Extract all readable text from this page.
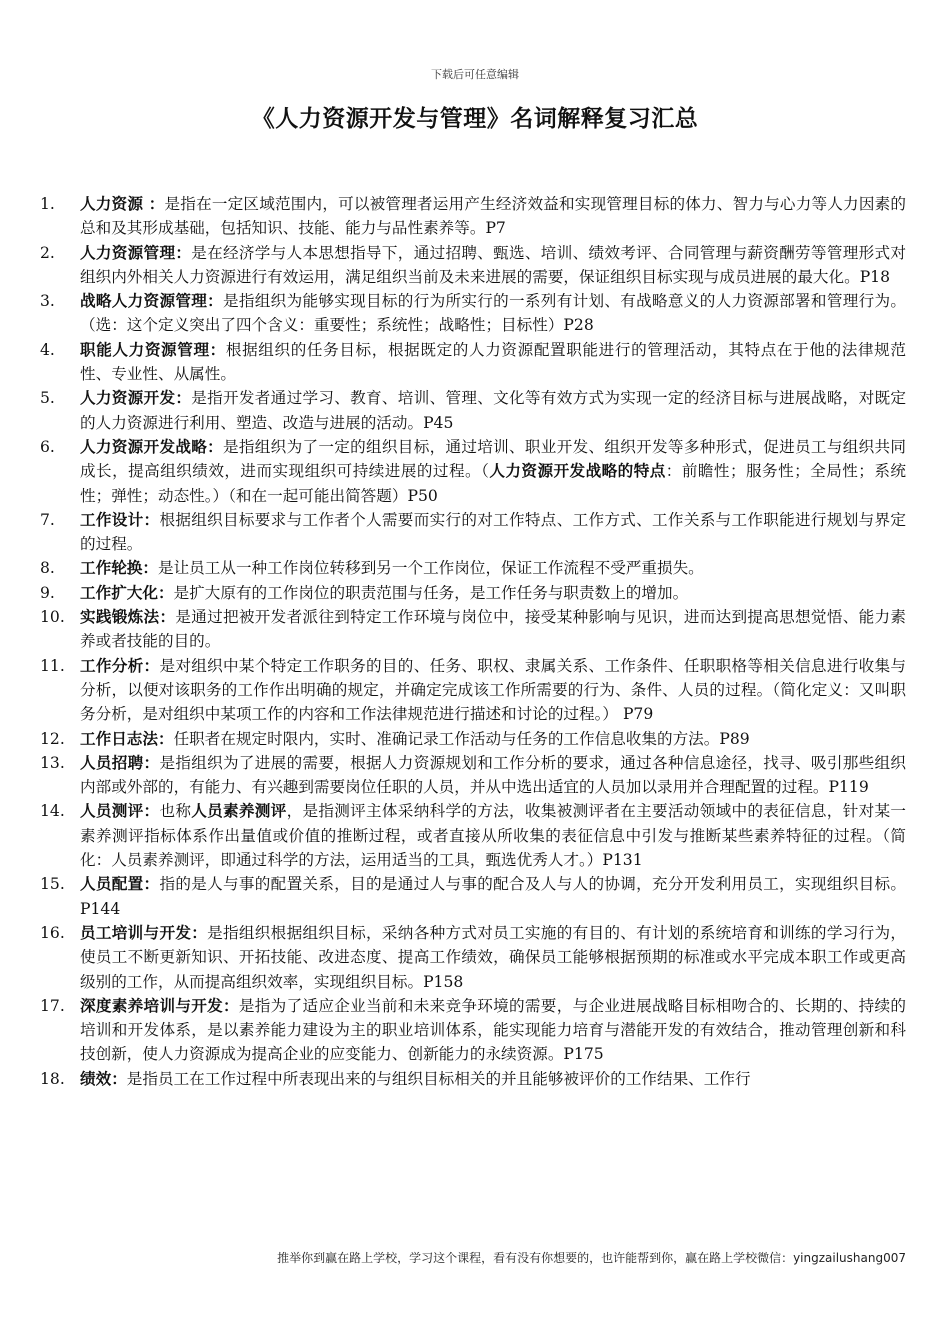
下载后可任意编辑
《人力资源开发与管理》名词解释复习汇总
1.	人力资源 ：是指在一定区域范围内，可以被管理者运用产生经济效益和实现管理目标的体力、智力与心力等人力因素的总和及其形成基础，包括知识、技能、能力与品性素养等。P7
2.	人力资源管理：是在经济学与人本思想指导下，通过招聘、甄选、培训、绩效考评、合同管理与薪资酬劳等管理形式对组织内外相关人力资源进行有效运用，满足组织当前及未来进展的需要，保证组织目标实现与成员进展的最大化。P18
3.	战略人力资源管理：是指组织为能够实现目标的行为所实行的一系列有计划、有战略意义的人力资源部署和管理行为。（选：这个定义突出了四个含义：重要性；系统性；战略性；目标性）P28
4.	职能人力资源管理：根据组织的任务目标，根据既定的人力资源配置职能进行的管理活动，其特点在于他的法律规范性、专业性、从属性。
5.	人力资源开发：是指开发者通过学习、教育、培训、管理、文化等有效方式为实现一定的经济目标与进展战略，对既定的人力资源进行利用、塑造、改造与进展的活动。P45
6.	人力资源开发战略：是指组织为了一定的组织目标，通过培训、职业开发、组织开发等多种形式，促进员工与组织共同成长，提高组织绩效，进而实现组织可持续进展的过程。（人力资源开发战略的特点：前瞻性；服务性；全局性；系统性；弹性；动态性。）（和在一起可能出简答题）P50
7.	工作设计：根据组织目标要求与工作者个人需要而实行的对工作特点、工作方式、工作关系与工作职能进行规划与界定的过程。
8.	工作轮换：是让员工从一种工作岗位转移到另一个工作岗位，保证工作流程不受严重损失。
9.	工作扩大化：是扩大原有的工作岗位的职责范围与任务，是工作任务与职责数上的增加。
10. 实践锻炼法：是通过把被开发者派往到特定工作环境与岗位中，接受某种影响与见识，进而达到提高思想觉悟、能力素养或者技能的目的。
11. 工作分析：是对组织中某个特定工作职务的目的、任务、职权、隶属关系、工作条件、任职职格等相关信息进行收集与分析，以便对该职务的工作作出明确的规定，并确定完成该工作所需要的行为、条件、人员的过程。（简化定义：又叫职务分析，是对组织中某项工作的内容和工作法律规范进行描述和讨论的过程。） P79
12. 工作日志法：任职者在规定时限内，实时、准确记录工作活动与任务的工作信息收集的方法。P89
13. 人员招聘：是指组织为了进展的需要，根据人力资源规划和工作分析的要求，通过各种信息途径，找寻、吸引那些组织内部或外部的，有能力、有兴趣到需要岗位任职的人员，并从中选出适宜的人员加以录用并合理配置的过程。P119
14. 人员测评：也称人员素养测评，是指测评主体采纳科学的方法，收集被测评者在主要活动领域中的表征信息，针对某一素养测评指标体系作出量值或价值的推断过程，或者直接从所收集的表征信息中引发与推断某些素养特征的过程。（简化：人员素养测评，即通过科学的方法，运用适当的工具，甄选优秀人才。）P131
15. 人员配置：指的是人与事的配置关系，目的是通过人与事的配合及人与人的协调，充分开发利用员工，实现组织目标。P144
16. 员工培训与开发：是指组织根据组织目标，采纳各种方式对员工实施的有目的、有计划的系统培育和训练的学习行为，使员工不断更新知识、开拓技能、改进态度、提高工作绩效，确保员工能够根据预期的标准或水平完成本职工作或更高级别的工作，从而提高组织效率，实现组织目标。P158
17. 深度素养培训与开发：是指为了适应企业当前和未来竞争环境的需要，与企业进展战略目标相吻合的、长期的、持续的培训和开发体系，是以素养能力建设为主的职业培训体系，能实现能力培育与潜能开发的有效结合，推动管理创新和科技创新，使人力资源成为提高企业的应变能力、创新能力的永续资源。P175
18. 绩效：是指员工在工作过程中所表现出来的与组织目标相关的并且能够被评价的工作结果、工作行
推举你到赢在路上学校，学习这个课程，看有没有你想要的，也许能帮到你，赢在路上学校微信：yingzailushang007
